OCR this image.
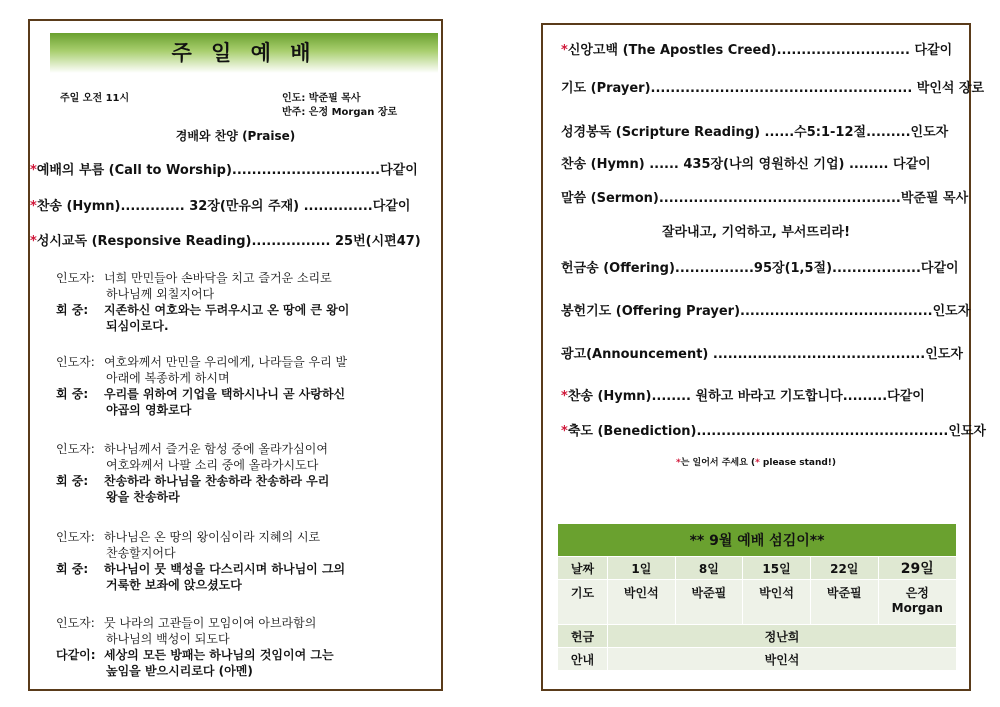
주 일 예 배
주일 오전 11시	인도: 박준필 목사
반주: 은정 Morgan 장로
경배와 찬양 (Praise)
*예배의 부름 (Call to Worship)..............................다같이
*찬송 (Hymn)............. 32장(만유의 주재) ..............다같이
*성시교독 (Responsive Reading)................ 25번(시편47)
인도자: 너희 만민들아 손바닥을 치고 즐거운 소리로
하나님께 외칠지어다
회 중: 지존하신 여호와는 두려우시고 온 땅에 큰 왕이
되심이로다.
인도자: 여호와께서 만민을 우리에게, 나라들을 우리 발
아래에 복종하게 하시며
회 중: 우리를 위하여 기업을 택하시나니 곧 사랑하신
야곱의 영화로다
인도자: 하나님께서 즐거운 함성 중에 올라가심이여
여호와께서 나팔 소리 중에 올라가시도다
회 중: 찬송하라 하나님을 찬송하라 찬송하라 우리
왕을 찬송하라
인도자: 하나님은 온 땅의 왕이심이라 지혜의 시로
찬송할지어다
회 중: 하나님이 뭇 백성을 다스리시며 하나님이 그의
거룩한 보좌에 앉으셨도다
인도자: 뭇 나라의 고관들이 모임이여 아브라함의
하나님의 백성이 되도다
다같이: 세상의 모든 방패는 하나님의 것임이여 그는
높임을 받으시리로다 (아멘)
*신앙고백 (The Apostles Creed)........................... 다같이
기도 (Prayer)..................................................... 박인석 장로
성경봉독 (Scripture Reading) ......수5:1-12절.........인도자
찬송 (Hymn) ...... 435장(나의 영원하신 기업) ........ 다같이
말씀 (Sermon).................................................박준필 목사
잘라내고, 기억하고, 부서뜨리라!
헌금송 (Offering)................95장(1,5절)..................다같이
봉헌기도 (Offering Prayer).......................................인도자
광고(Announcement) ...........................................인도자
*찬송 (Hymn)........ 원하고 바라고 기도합니다.........다같이
*축도 (Benediction)...................................................인도자
*는 일어서 주세요 (* please stand!)
** 9월 예배 섬김이**					
날짜	1일	8일	15일	22일	29일
기도	박인석	박준필	박인석	박준필	은정
Morgan
헌금	정난희				
안내	박인석				
